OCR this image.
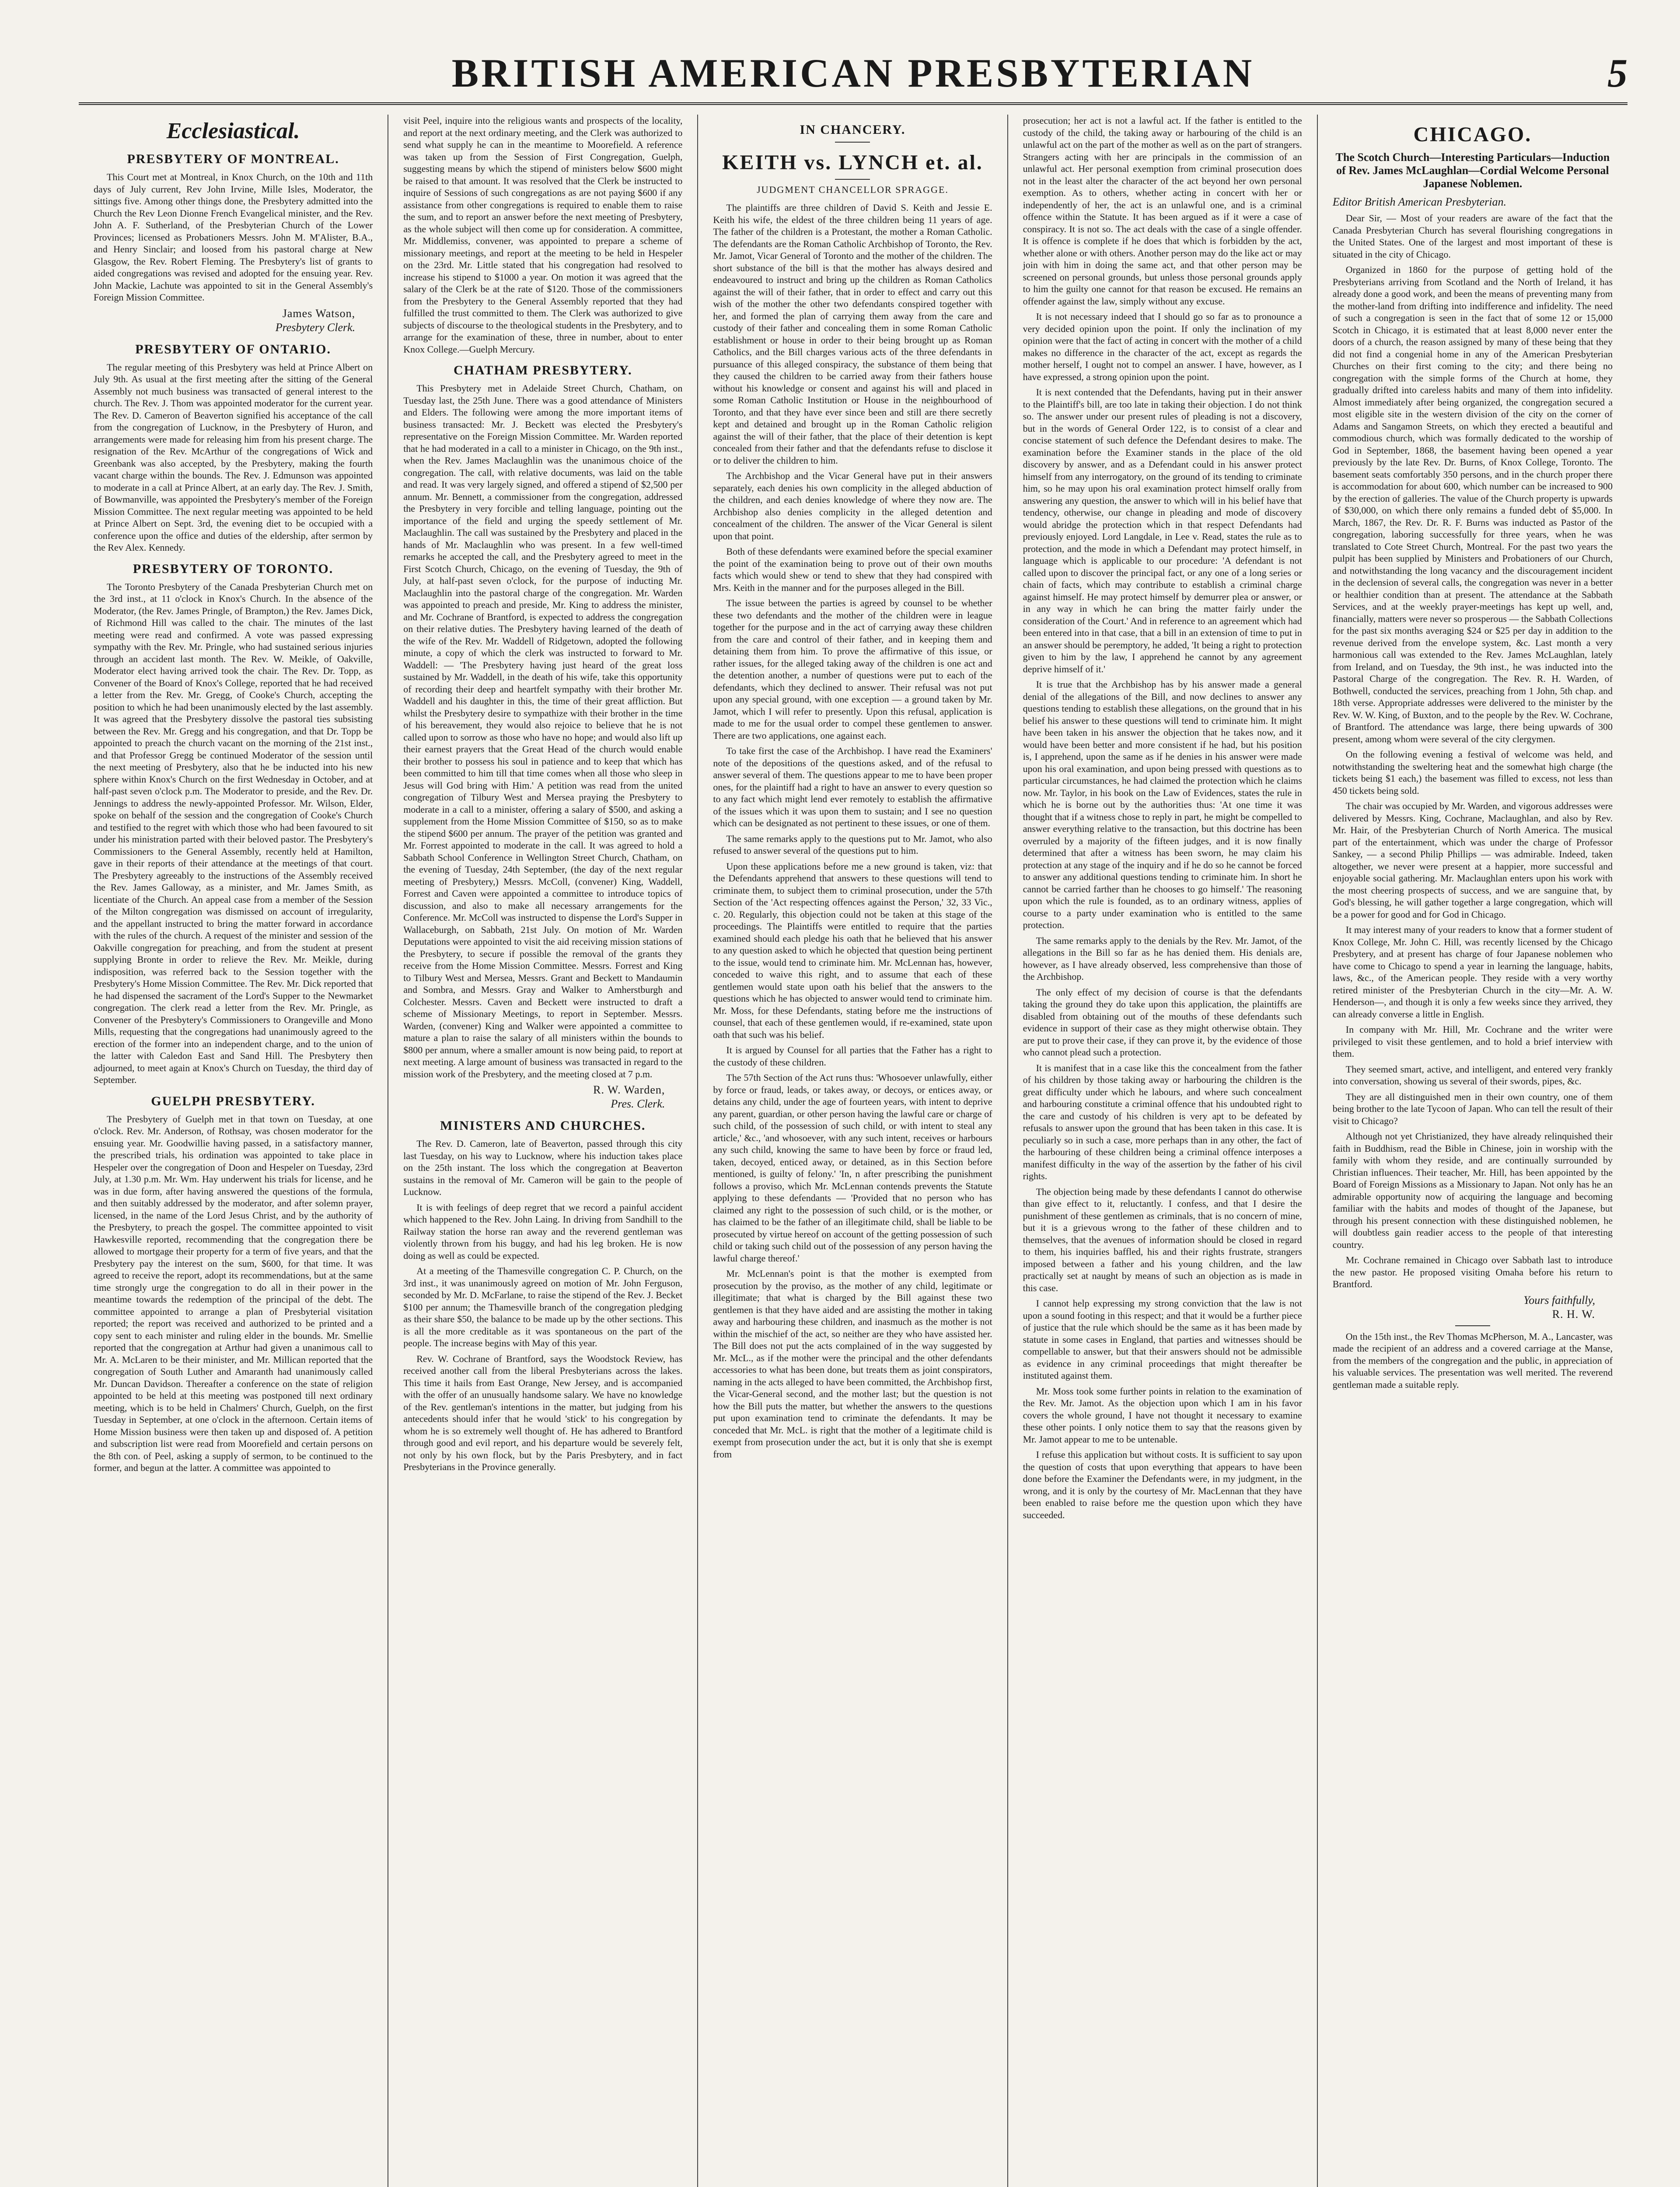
BRITISH AMERICAN PRESBYTERIAN	5
Ecclesiastical.
PRESBYTERY OF MONTREAL.

This Court met at Montreal, in Knox Church, on the 10th and 11th days of July current, Rev John Irvine, Mille Isles, Moderator, the sittings five. Among other things done, the Presbytery admitted into the Church the Rev Leon Dionne French Evangelical minister, and the Rev. John A. F. Sutherland, of the Presbyterian Church of the Lower Provinces; licensed as Probationers Messrs. John M. M'Alister, B.A., and Henry Sinclair; and loosed from his pastoral charge at New Glasgow, the Rev. Robert Fleming. The Presbytery's list of grants to aided congregations was revised and adopted for the ensuing year. Rev. John Mackie, Lachute was appointed to sit in the General Assembly's Foreign Mission Committee.

James Watson,
Presbytery Clerk.
PRESBYTERY OF ONTARIO.

The regular meeting of this Presbytery was held at Prince Albert on July 9th. As usual at the first meeting after the sitting of the General Assembly not much business was transacted of general interest to the church. The Rev. J. Thom was appointed moderator for the current year. The Rev. D. Cameron of Beaverton signified his acceptance of the call from the congregation of Lucknow, in the Presbytery of Huron, and arrangements were made for releasing him from his present charge. The resignation of the Rev. McArthur of the congregations of Wick and Greenbank was also accepted, by the Presbytery, making the fourth vacant charge within the bounds. The Rev. J. Edmunson was appointed to moderate in a call at Prince Albert, at an early day. The Rev. J. Smith, of Bowmanville, was appointed the Presbytery's member of the Foreign Mission Committee. The next regular meeting was appointed to be held at Prince Albert on Sept. 3rd, the evening diet to be occupied with a conference upon the office and duties of the eldership, after sermon by the Rev Alex. Kennedy.

PRESBYTERY OF TORONTO.

The Toronto Presbytery of the Canada Presbyterian Church met on the 3rd inst., at 11 o'clock in Knox's Church. In the absence of the Moderator, (the Rev. James Pringle, of Brampton,) the Rev. James Dick, of Richmond Hill was called to the chair. The minutes of the last meeting were read and confirmed. A vote was passed expressing sympathy with the Rev. Mr. Pringle, who had sustained serious injuries through an accident last month. The Rev. W. Meikle, of Oakville, Moderator elect having arrived took the chair. The Rev. Dr. Topp, as Convener of the Board of Knox's College, reported that he had received a letter from the Rev. Mr. Gregg, of Cooke's Church, accepting the position to which he had been unanimously elected by the last assembly. It was agreed that the Presbytery dissolve the pastoral ties subsisting between the Rev. Mr. Gregg and his congregation, and that Dr. Topp be appointed to preach the church vacant on the morning of the 21st inst., and that Professor Gregg be continued Moderator of the session until the next meeting of Presbytery, also that he be inducted into his new sphere within Knox's Church on the first Wednesday in October, and at half-past seven o'clock p.m. The Moderator to preside, and the Rev. Dr. Jennings to address the newly-appointed Professor. Mr. Wilson, Elder, spoke on behalf of the session and the congregation of Cooke's Church and testified to the regret with which those who had been favoured to sit under his ministration parted with their beloved pastor. The Presbytery's Commissioners to the General Assembly, recently held at Hamilton, gave in their reports of their attendance at the meetings of that court. The Presbytery agreeably to the instructions of the Assembly received the Rev. James Galloway, as a minister, and Mr. James Smith, as licentiate of the Church. An appeal case from a member of the Session of the Milton congregation was dismissed on account of irregularity, and the appellant instructed to bring the matter forward in accordance with the rules of the church. A request of the minister and session of the Oakville congregation for preaching, and from the student at present supplying Bronte in order to relieve the Rev. Mr. Meikle, during indisposition, was referred back to the Session together with the Presbytery's Home Mission Committee. The Rev. Mr. Dick reported that he had dispensed the sacrament of the Lord's Supper to the Newmarket congregation. The clerk read a letter from the Rev. Mr. Pringle, as Convener of the Presbytery's Commissioners to Orangeville and Mono Mills, requesting that the congregations had unanimously agreed to the erection of the former into an independent charge, and to the union of the latter with Caledon East and Sand Hill. The Presbytery then adjourned, to meet again at Knox's Church on Tuesday, the third day of September.

GUELPH PRESBYTERY.

The Presbytery of Guelph met in that town on Tuesday, at one o'clock. Rev. Mr. Anderson, of Rothsay, was chosen moderator for the ensuing year. Mr. Goodwillie having passed, in a satisfactory manner, the prescribed trials, his ordination was appointed to take place in Hespeler over the congregation of Doon and Hespeler on Tuesday, 23rd July, at 1.30 p.m. Mr. Wm. Hay underwent his trials for license, and he was in due form, after having answered the questions of the formula, and then suitably addressed by the moderator, and after solemn prayer, licensed, in the name of the Lord Jesus Christ, and by the authority of the Presbytery, to preach the gospel. The committee appointed to visit Hawkesville reported, recommending that the congregation there be allowed to mortgage their property for a term of five years, and that the Presbytery pay the interest on the sum, $600, for that time. It was agreed to receive the report, adopt its recommendations, but at the same time strongly urge the congregation to do all in their power in the meantime towards the redemption of the principal of the debt. The committee appointed to arrange a plan of Presbyterial visitation reported; the report was received and authorized to be printed and a copy sent to each minister and ruling elder in the bounds. Mr. Smellie reported that the congregation at Arthur had given a unanimous call to Mr. A. McLaren to be their minister, and Mr. Millican reported that the congregation of South Luther and Amaranth had unanimously called Mr. Duncan Davidson. Thereafter a conference on the state of religion appointed to be held at this meeting was postponed till next ordinary meeting, which is to be held in Chalmers' Church, Guelph, on the first Tuesday in September, at one o'clock in the afternoon. Certain items of Home Mission business were then taken up and disposed of. A petition and subscription list were read from Moorefield and certain persons on the 8th con. of Peel, asking a supply of sermon, to be continued to the former, and begun at the latter. A committee was appointed to

visit Peel, inquire into the religious wants and prospects of the locality, and report at the next ordinary meeting, and the Clerk was authorized to send what supply he can in the meantime to Moorefield. A reference was taken up from the Session of First Congregation, Guelph, suggesting means by which the stipend of ministers below $600 might be raised to that amount. It was resolved that the Clerk be instructed to inquire of Sessions of such congregations as are not paying $600 if any assistance from other congregations is required to enable them to raise the sum, and to report an answer before the next meeting of Presbytery, as the whole subject will then come up for consideration. A committee, Mr. Middlemiss, convener, was appointed to prepare a scheme of missionary meetings, and report at the meeting to be held in Hespeler on the 23rd. Mr. Little stated that his congregation had resolved to increase his stipend to $1000 a year. On motion it was agreed that the salary of the Clerk be at the rate of $120. Those of the commissioners from the Presbytery to the General Assembly reported that they had fulfilled the trust committed to them. The Clerk was authorized to give subjects of discourse to the theological students in the Presbytery, and to arrange for the examination of these, three in number, about to enter Knox College.—Guelph Mercury.

CHATHAM PRESBYTERY.

This Presbytery met in Adelaide Street Church, Chatham, on Tuesday last, the 25th June. There was a good attendance of Ministers and Elders. The following were among the more important items of business transacted: Mr. J. Beckett was elected the Presbytery's representative on the Foreign Mission Committee. Mr. Warden reported that he had moderated in a call to a minister in Chicago, on the 9th inst., when the Rev. James Maclaughlin was the unanimous choice of the congregation. The call, with relative documents, was laid on the table and read. It was very largely signed, and offered a stipend of $2,500 per annum. Mr. Bennett, a commissioner from the congregation, addressed the Presbytery in very forcible and telling language, pointing out the importance of the field and urging the speedy settlement of Mr. Maclaughlin. The call was sustained by the Presbytery and placed in the hands of Mr. Maclaughlin who was present. In a few well-timed remarks he accepted the call, and the Presbytery agreed to meet in the First Scotch Church, Chicago, on the evening of Tuesday, the 9th of July, at half-past seven o'clock, for the purpose of inducting Mr. Maclaughlin into the pastoral charge of the congregation. Mr. Warden was appointed to preach and preside, Mr. King to address the minister, and Mr. Cochrane of Brantford, is expected to address the congregation on their relative duties. The Presbytery having learned of the death of the wife of the Rev. Mr. Waddell of Ridgetown, adopted the following minute, a copy of which the clerk was instructed to forward to Mr. Waddell: — 'The Presbytery having just heard of the great loss sustained by Mr. Waddell, in the death of his wife, take this opportunity of recording their deep and heartfelt sympathy with their brother Mr. Waddell and his daughter in this, the time of their great affliction. But whilst the Presbytery desire to sympathize with their brother in the time of his bereavement, they would also rejoice to believe that he is not called upon to sorrow as those who have no hope; and would also lift up their earnest prayers that the Great Head of the church would enable their brother to possess his soul in patience and to keep that which has been committed to him till that time comes when all those who sleep in Jesus will God bring with Him.' A petition was read from the united congregation of Tilbury West and Mersea praying the Presbytery to moderate in a call to a minister, offering a salary of $500, and asking a supplement from the Home Mission Committee of $150, so as to make the stipend $600 per annum. The prayer of the petition was granted and Mr. Forrest appointed to moderate in the call. It was agreed to hold a Sabbath School Conference in Wellington Street Church, Chatham, on the evening of Tuesday, 24th September, (the day of the next regular meeting of Presbytery,) Messrs. McColl, (convener) King, Waddell, Forrest and Caven were appointed a committee to introduce topics of discussion, and also to make all necessary arrangements for the Conference. Mr. McColl was instructed to dispense the Lord's Supper in Wallaceburgh, on Sabbath, 21st July. On motion of Mr. Warden Deputations were appointed to visit the aid receiving mission stations of the Presbytery, to secure if possible the removal of the grants they receive from the Home Mission Committee. Messrs. Forrest and King to Tilbury West and Mersea, Messrs. Grant and Beckett to Mandaumin and Sombra, and Messrs. Gray and Walker to Amherstburgh and Colchester. Messrs. Caven and Beckett were instructed to draft a scheme of Missionary Meetings, to report in September. Messrs. Warden, (convener) King and Walker were appointed a committee to mature a plan to raise the salary of all ministers within the bounds to $800 per annum, where a smaller amount is now being paid, to report at next meeting. A large amount of business was transacted in regard to the mission work of the Presbytery, and the meeting closed at 7 p.m.

R. W. Warden,
Pres. Clerk.
MINISTERS AND CHURCHES.

The Rev. D. Cameron, late of Beaverton, passed through this city last Tuesday, on his way to Lucknow, where his induction takes place on the 25th instant. The loss which the congregation at Beaverton sustains in the removal of Mr. Cameron will be gain to the people of Lucknow.

It is with feelings of deep regret that we record a painful accident which happened to the Rev. John Laing. In driving from Sandhill to the Railway station the horse ran away and the reverend gentleman was violently thrown from his buggy, and had his leg broken. He is now doing as well as could be expected.

At a meeting of the Thamesville congregation C. P. Church, on the 3rd inst., it was unanimously agreed on motion of Mr. John Ferguson, seconded by Mr. D. McFarlane, to raise the stipend of the Rev. J. Becket $100 per annum; the Thamesville branch of the congregation pledging as their share $50, the balance to be made up by the other sections. This is all the more creditable as it was spontaneous on the part of the people. The increase begins with May of this year.

Rev. W. Cochrane of Brantford, says the Woodstock Review, has received another call from the liberal Presbyterians across the lakes. This time it hails from East Orange, New Jersey, and is accompanied with the offer of an unusually handsome salary. We have no knowledge of the Rev. gentleman's intentions in the matter, but judging from his antecedents should infer that he would 'stick' to his congregation by whom he is so extremely well thought of. He has adhered to Brantford through good and evil report, and his departure would be severely felt, not only by his own flock, but by the Paris Presbytery, and in fact Presbyterians in the Province generally.

IN CHANCERY.
KEITH vs. LYNCH et. al.
JUDGMENT CHANCELLOR SPRAGGE.

The plaintiffs are three children of David S. Keith and Jessie E. Keith his wife, the eldest of the three children being 11 years of age. The father of the children is a Protestant, the mother a Roman Catholic. The defendants are the Roman Catholic Archbishop of Toronto, the Rev. Mr. Jamot, Vicar General of Toronto and the mother of the children. The short substance of the bill is that the mother has always desired and endeavoured to instruct and bring up the children as Roman Catholics against the will of their father, that in order to effect and carry out this wish of the mother the other two defendants conspired together with her, and formed the plan of carrying them away from the care and custody of their father and concealing them in some Roman Catholic establishment or house in order to their being brought up as Roman Catholics, and the Bill charges various acts of the three defendants in pursuance of this alleged conspiracy, the substance of them being that they caused the children to be carried away from their fathers house without his knowledge or consent and against his will and placed in some Roman Catholic Institution or House in the neighbourhood of Toronto, and that they have ever since been and still are there secretly kept and detained and brought up in the Roman Catholic religion against the will of their father, that the place of their detention is kept concealed from their father and that the defendants refuse to disclose it or to deliver the children to him.

The Archbishop and the Vicar General have put in their answers separately, each denies his own complicity in the alleged abduction of the children, and each denies knowledge of where they now are. The Archbishop also denies complicity in the alleged detention and concealment of the children. The answer of the Vicar General is silent upon that point.

Both of these defendants were examined before the special examiner the point of the examination being to prove out of their own mouths facts which would shew or tend to shew that they had conspired with Mrs. Keith in the manner and for the purposes alleged in the Bill.

The issue between the parties is agreed by counsel to be whether these two defendants and the mother of the children were in league together for the purpose and in the act of carrying away these children from the care and control of their father, and in keeping them and detaining them from him. To prove the affirmative of this issue, or rather issues, for the alleged taking away of the children is one act and the detention another, a number of questions were put to each of the defendants, which they declined to answer. Their refusal was not put upon any special ground, with one exception — a ground taken by Mr. Jamot, which I will refer to presently. Upon this refusal, application is made to me for the usual order to compel these gentlemen to answer. There are two applications, one against each.

To take first the case of the Archbishop. I have read the Examiners' note of the depositions of the questions asked, and of the refusal to answer several of them. The questions appear to me to have been proper ones, for the plaintiff had a right to have an answer to every question so to any fact which might lend ever remotely to establish the affirmative of the issues which it was upon them to sustain; and I see no question which can be designated as not pertinent to these issues, or one of them.

The same remarks apply to the questions put to Mr. Jamot, who also refused to answer several of the questions put to him.

Upon these applications before me a new ground is taken, viz: that the Defendants apprehend that answers to these questions will tend to criminate them, to subject them to criminal prosecution, under the 57th Section of the 'Act respecting offences against the Person,' 32, 33 Vic., c. 20. Regularly, this objection could not be taken at this stage of the proceedings. The Plaintiffs were entitled to require that the parties examined should each pledge his oath that he believed that his answer to any question asked to which he objected that question being pertinent to the issue, would tend to criminate him. Mr. McLennan has, however, conceded to waive this right, and to assume that each of these gentlemen would state upon oath his belief that the answers to the questions which he has objected to answer would tend to criminate him. Mr. Moss, for these Defendants, stating before me the instructions of counsel, that each of these gentlemen would, if re-examined, state upon oath that such was his belief.

It is argued by Counsel for all parties that the Father has a right to the custody of these children.

The 57th Section of the Act runs thus: 'Whosoever unlawfully, either by force or fraud, leads, or takes away, or decoys, or entices away, or detains any child, under the age of fourteen years, with intent to deprive any parent, guardian, or other person having the lawful care or charge of such child, of the possession of such child, or with intent to steal any article,' &c., 'and whosoever, with any such intent, receives or harbours any such child, knowing the same to have been by force or fraud led, taken, decoyed, enticed away, or detained, as in this Section before mentioned, is guilty of felony.' 'In, n after prescribing the punishment follows a proviso, which Mr. McLennan contends prevents the Statute applying to these defendants — 'Provided that no person who has claimed any right to the possession of such child, or is the mother, or has claimed to be the father of an illegitimate child, shall be liable to be prosecuted by virtue hereof on account of the getting possession of such child or taking such child out of the possession of any person having the lawful charge thereof.'

Mr. McLennan's point is that the mother is exempted from prosecution by the proviso, as the mother of any child, legitimate or illegitimate; that what is charged by the Bill against these two gentlemen is that they have aided and are assisting the mother in taking away and harbouring these children, and inasmuch as the mother is not within the mischief of the act, so neither are they who have assisted her. The Bill does not put the acts complained of in the way suggested by Mr. McL., as if the mother were the principal and the other defendants accessories to what has been done, but treats them as joint conspirators, naming in the acts alleged to have been committed, the Archbishop first, the Vicar-General second, and the mother last; but the question is not how the Bill puts the matter, but whether the answers to the questions put upon examination tend to criminate the defendants. It may be conceded that Mr. McL. is right that the mother of a legitimate child is exempt from prosecution under the act, but it is only that she is exempt from

prosecution; her act is not a lawful act. If the father is entitled to the custody of the child, the taking away or harbouring of the child is an unlawful act on the part of the mother as well as on the part of strangers. Strangers acting with her are principals in the commission of an unlawful act. Her personal exemption from criminal prosecution does not in the least alter the character of the act beyond her own personal exemption. As to others, whether acting in concert with her or independently of her, the act is an unlawful one, and is a criminal offence within the Statute. It has been argued as if it were a case of conspiracy. It is not so. The act deals with the case of a single offender. It is offence is complete if he does that which is forbidden by the act, whether alone or with others. Another person may do the like act or may join with him in doing the same act, and that other person may be screened on personal grounds, but unless those personal grounds apply to him the guilty one cannot for that reason be excused. He remains an offender against the law, simply without any excuse.

It is not necessary indeed that I should go so far as to pronounce a very decided opinion upon the point. If only the inclination of my opinion were that the fact of acting in concert with the mother of a child makes no difference in the character of the act, except as regards the mother herself, I ought not to compel an answer. I have, however, as I have expressed, a strong opinion upon the point.

It is next contended that the Defendants, having put in their answer to the Plaintiff's bill, are too late in taking their objection. I do not think so. The answer under our present rules of pleading is not a discovery, but in the words of General Order 122, is to consist of a clear and concise statement of such defence the Defendant desires to make. The examination before the Examiner stands in the place of the old discovery by answer, and as a Defendant could in his answer protect himself from any interrogatory, on the ground of its tending to criminate him, so he may upon his oral examination protect himself orally from answering any question, the answer to which will in his belief have that tendency, otherwise, our change in pleading and mode of discovery would abridge the protection which in that respect Defendants had previously enjoyed. Lord Langdale, in Lee v. Read, states the rule as to protection, and the mode in which a Defendant may protect himself, in language which is applicable to our procedure: 'A defendant is not called upon to discover the principal fact, or any one of a long series or chain of facts, which may contribute to establish a criminal charge against himself. He may protect himself by demurrer plea or answer, or in any way in which he can bring the matter fairly under the consideration of the Court.' And in reference to an agreement which had been entered into in that case, that a bill in an extension of time to put in an answer should be peremptory, he added, 'It being a right to protection given to him by the law, I apprehend he cannot by any agreement deprive himself of it.'

It is true that the Archbishop has by his answer made a general denial of the allegations of the Bill, and now declines to answer any questions tending to establish these allegations, on the ground that in his belief his answer to these questions will tend to criminate him. It might have been taken in his answer the objection that he takes now, and it would have been better and more consistent if he had, but his position is, I apprehend, upon the same as if he denies in his answer were made upon his oral examination, and upon being pressed with questions as to particular circumstances, he had claimed the protection which he claims now. Mr. Taylor, in his book on the Law of Evidences, states the rule in which he is borne out by the authorities thus: 'At one time it was thought that if a witness chose to reply in part, he might be compelled to answer everything relative to the transaction, but this doctrine has been overruled by a majority of the fifteen judges, and it is now finally determined that after a witness has been sworn, he may claim his protection at any stage of the inquiry and if he do so he cannot be forced to answer any additional questions tending to criminate him. In short he cannot be carried farther than he chooses to go himself.' The reasoning upon which the rule is founded, as to an ordinary witness, applies of course to a party under examination who is entitled to the same protection.

The same remarks apply to the denials by the Rev. Mr. Jamot, of the allegations in the Bill so far as he has denied them. His denials are, however, as I have already observed, less comprehensive than those of the Archbishop.

The only effect of my decision of course is that the defendants taking the ground they do take upon this application, the plaintiffs are disabled from obtaining out of the mouths of these defendants such evidence in support of their case as they might otherwise obtain. They are put to prove their case, if they can prove it, by the evidence of those who cannot plead such a protection.

It is manifest that in a case like this the concealment from the father of his children by those taking away or harbouring the children is the great difficulty under which he labours, and where such concealment and harbouring constitute a criminal offence that his undoubted right to the care and custody of his children is very apt to be defeated by refusals to answer upon the ground that has been taken in this case. It is peculiarly so in such a case, more perhaps than in any other, the fact of the harbouring of these children being a criminal offence interposes a manifest difficulty in the way of the assertion by the father of his civil rights.

The objection being made by these defendants I cannot do otherwise than give effect to it, reluctantly. I confess, and that I desire the punishment of these gentlemen as criminals, that is no concern of mine, but it is a grievous wrong to the father of these children and to themselves, that the avenues of information should be closed in regard to them, his inquiries baffled, his and their rights frustrate, strangers imposed between a father and his young children, and the law practically set at naught by means of such an objection as is made in this case.

I cannot help expressing my strong conviction that the law is not upon a sound footing in this respect; and that it would be a further piece of justice that the rule which should be the same as it has been made by statute in some cases in England, that parties and witnesses should be compellable to answer, but that their answers should not be admissible as evidence in any criminal proceedings that might thereafter be instituted against them.

Mr. Moss took some further points in relation to the examination of the Rev. Mr. Jamot. As the objection upon which I am in his favor covers the whole ground, I have not thought it necessary to examine these other points. I only notice them to say that the reasons given by Mr. Jamot appear to me to be untenable.

I refuse this application but without costs. It is sufficient to say upon the question of costs that upon everything that appears to have been done before the Examiner the Defendants were, in my judgment, in the wrong, and it is only by the courtesy of Mr. MacLennan that they have been enabled to raise before me the question upon which they have succeeded.

CHICAGO.
The Scotch Church—Interesting Particulars—Induction of Rev. James McLaughlan—Cordial Welcome Personal Japanese Noblemen.
Editor British American Presbyterian.

Dear Sir, — Most of your readers are aware of the fact that the Canada Presbyterian Church has several flourishing congregations in the United States. One of the largest and most important of these is situated in the city of Chicago.

Organized in 1860 for the purpose of getting hold of the Presbyterians arriving from Scotland and the North of Ireland, it has already done a good work, and been the means of preventing many from the mother-land from drifting into indifference and infidelity. The need of such a congregation is seen in the fact that of some 12 or 15,000 Scotch in Chicago, it is estimated that at least 8,000 never enter the doors of a church, the reason assigned by many of these being that they did not find a congenial home in any of the American Presbyterian Churches on their first coming to the city; and there being no congregation with the simple forms of the Church at home, they gradually drifted into careless habits and many of them into infidelity. Almost immediately after being organized, the congregation secured a most eligible site in the western division of the city on the corner of Adams and Sangamon Streets, on which they erected a beautiful and commodious church, which was formally dedicated to the worship of God in September, 1868, the basement having been opened a year previously by the late Rev. Dr. Burns, of Knox College, Toronto. The basement seats comfortably 350 persons, and in the church proper there is accommodation for about 600, which number can be increased to 900 by the erection of galleries. The value of the Church property is upwards of $30,000, on which there only remains a funded debt of $5,000. In March, 1867, the Rev. Dr. R. F. Burns was inducted as Pastor of the congregation, laboring successfully for three years, when he was translated to Cote Street Church, Montreal. For the past two years the pulpit has been supplied by Ministers and Probationers of our Church, and notwithstanding the long vacancy and the discouragement incident in the declension of several calls, the congregation was never in a better or healthier condition than at present. The attendance at the Sabbath Services, and at the weekly prayer-meetings has kept up well, and, financially, matters were never so prosperous — the Sabbath Collections for the past six months averaging $24 or $25 per day in addition to the revenue derived from the envelope system, &c. Last month a very harmonious call was extended to the Rev. James McLaughlan, lately from Ireland, and on Tuesday, the 9th inst., he was inducted into the Pastoral Charge of the congregation. The Rev. R. H. Warden, of Bothwell, conducted the services, preaching from 1 John, 5th chap. and 18th verse. Appropriate addresses were delivered to the minister by the Rev. W. W. King, of Buxton, and to the people by the Rev. W. Cochrane, of Brantford. The attendance was large, there being upwards of 300 present, among whom were several of the city clergymen.

On the following evening a festival of welcome was held, and notwithstanding the sweltering heat and the somewhat high charge (the tickets being $1 each,) the basement was filled to excess, not less than 450 tickets being sold.

The chair was occupied by Mr. Warden, and vigorous addresses were delivered by Messrs. King, Cochrane, Maclaughlan, and also by Rev. Mr. Hair, of the Presbyterian Church of North America. The musical part of the entertainment, which was under the charge of Professor Sankey, — a second Philip Phillips — was admirable. Indeed, taken altogether, we never were present at a happier, more successful and enjoyable social gathering. Mr. Maclaughlan enters upon his work with the most cheering prospects of success, and we are sanguine that, by God's blessing, he will gather together a large congregation, which will be a power for good and for God in Chicago.

It may interest many of your readers to know that a former student of Knox College, Mr. John C. Hill, was recently licensed by the Chicago Presbytery, and at present has charge of four Japanese noblemen who have come to Chicago to spend a year in learning the language, habits, laws, &c., of the American people. They reside with a very worthy retired minister of the Presbyterian Church in the city—Mr. A. W. Henderson—, and though it is only a few weeks since they arrived, they can already converse a little in English.

In company with Mr. Hill, Mr. Cochrane and the writer were privileged to visit these gentlemen, and to hold a brief interview with them.

They seemed smart, active, and intelligent, and entered very frankly into conversation, showing us several of their swords, pipes, &c.

They are all distinguished men in their own country, one of them being brother to the late Tycoon of Japan. Who can tell the result of their visit to Chicago?

Although not yet Christianized, they have already relinquished their faith in Buddhism, read the Bible in Chinese, join in worship with the family with whom they reside, and are continually surrounded by Christian influences. Their teacher, Mr. Hill, has been appointed by the Board of Foreign Missions as a Missionary to Japan. Not only has he an admirable opportunity now of acquiring the language and becoming familiar with the habits and modes of thought of the Japanese, but through his present connection with these distinguished noblemen, he will doubtless gain readier access to the people of that interesting country.

Mr. Cochrane remained in Chicago over Sabbath last to introduce the new pastor. He proposed visiting Omaha before his return to Brantford.

Yours faithfully,
R. H. W.

On the 15th inst., the Rev Thomas McPherson, M. A., Lancaster, was made the recipient of an address and a covered carriage at the Manse, from the members of the congregation and the public, in appreciation of his valuable services. The presentation was well merited. The reverend gentleman made a suitable reply.
